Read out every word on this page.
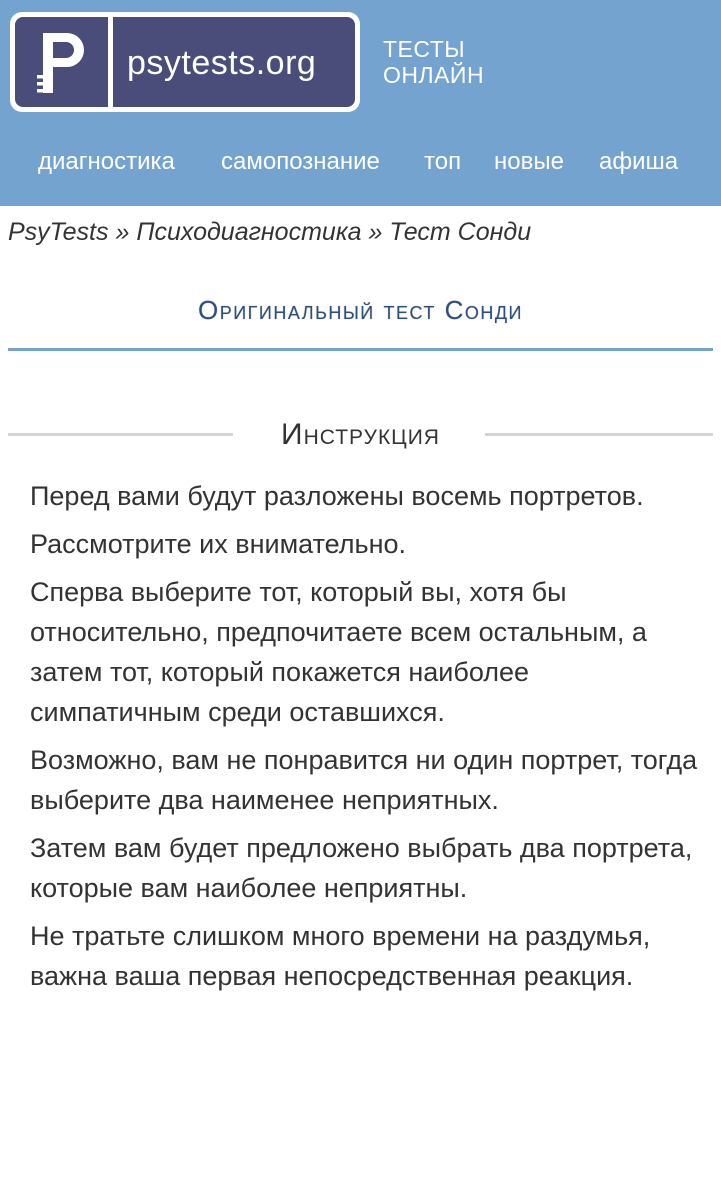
psytests.org	ТЕСТЫ
ОНЛАЙН
диагностика самопознание топ новые афиша
PsyTests » Психодиагностика » Тест Сонди
Оригинальный тест Сонди
Инструкция

Перед вами будут разложены восемь портретов.

Рассмотрите их внимательно.

Сперва выберите тот, который вы, хотя бы относительно, предпочитаете всем остальным, а затем тот, который покажется наиболее симпатичным среди оставшихся.

Возможно, вам не понравится ни один портрет, тогда выберите два наименее неприятных.

Затем вам будет предложено выбрать два портрета, которые вам наиболее неприятны.

Не тратьте слишком много времени на раздумья, важна ваша первая непосредственная реакция.
